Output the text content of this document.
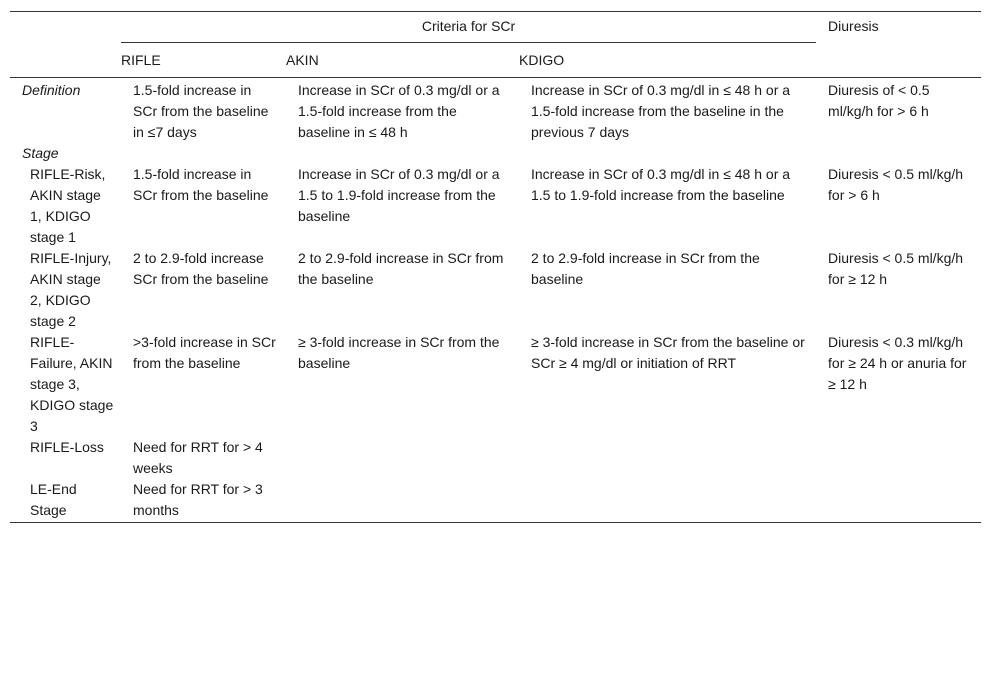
	Criteria for SCr			Diuresis
	RIFLE	AKIN	KDIGO	
Definition	1.5-fold increase in SCr from the baseline in ≤7 days	Increase in SCr of 0.3 mg/dl or a 1.5-fold increase from the baseline in ≤ 48 h	Increase in SCr of 0.3 mg/dl in ≤ 48 h or a 1.5-fold increase from the baseline in the previous 7 days	Diuresis of < 0.5 ml/kg/h for > 6 h
Stage				
RIFLE-Risk, AKIN stage 1, KDIGO stage 1	1.5-fold increase in SCr from the baseline	Increase in SCr of 0.3 mg/dl or a 1.5 to 1.9-fold increase from the baseline	Increase in SCr of 0.3 mg/dl in ≤ 48 h or a 1.5 to 1.9-fold increase from the baseline	Diuresis < 0.5 ml/kg/h for > 6 h
RIFLE-Injury, AKIN stage 2, KDIGO stage 2	2 to 2.9-fold increase SCr from the baseline	2 to 2.9-fold increase in SCr from the baseline	2 to 2.9-fold increase in SCr from the baseline	Diuresis < 0.5 ml/kg/h for ≥ 12 h
RIFLE-Failure, AKIN stage 3, KDIGO stage 3	>3-fold increase in SCr from the baseline	≥ 3-fold increase in SCr from the baseline	≥ 3-fold increase in SCr from the baseline or SCr ≥ 4 mg/dl or initiation of RRT	Diuresis < 0.3 ml/kg/h for ≥ 24 h or anuria for ≥ 12 h
RIFLE-Loss	Need for RRT for > 4 weeks			
LE-End Stage	Need for RRT for > 3 months			
